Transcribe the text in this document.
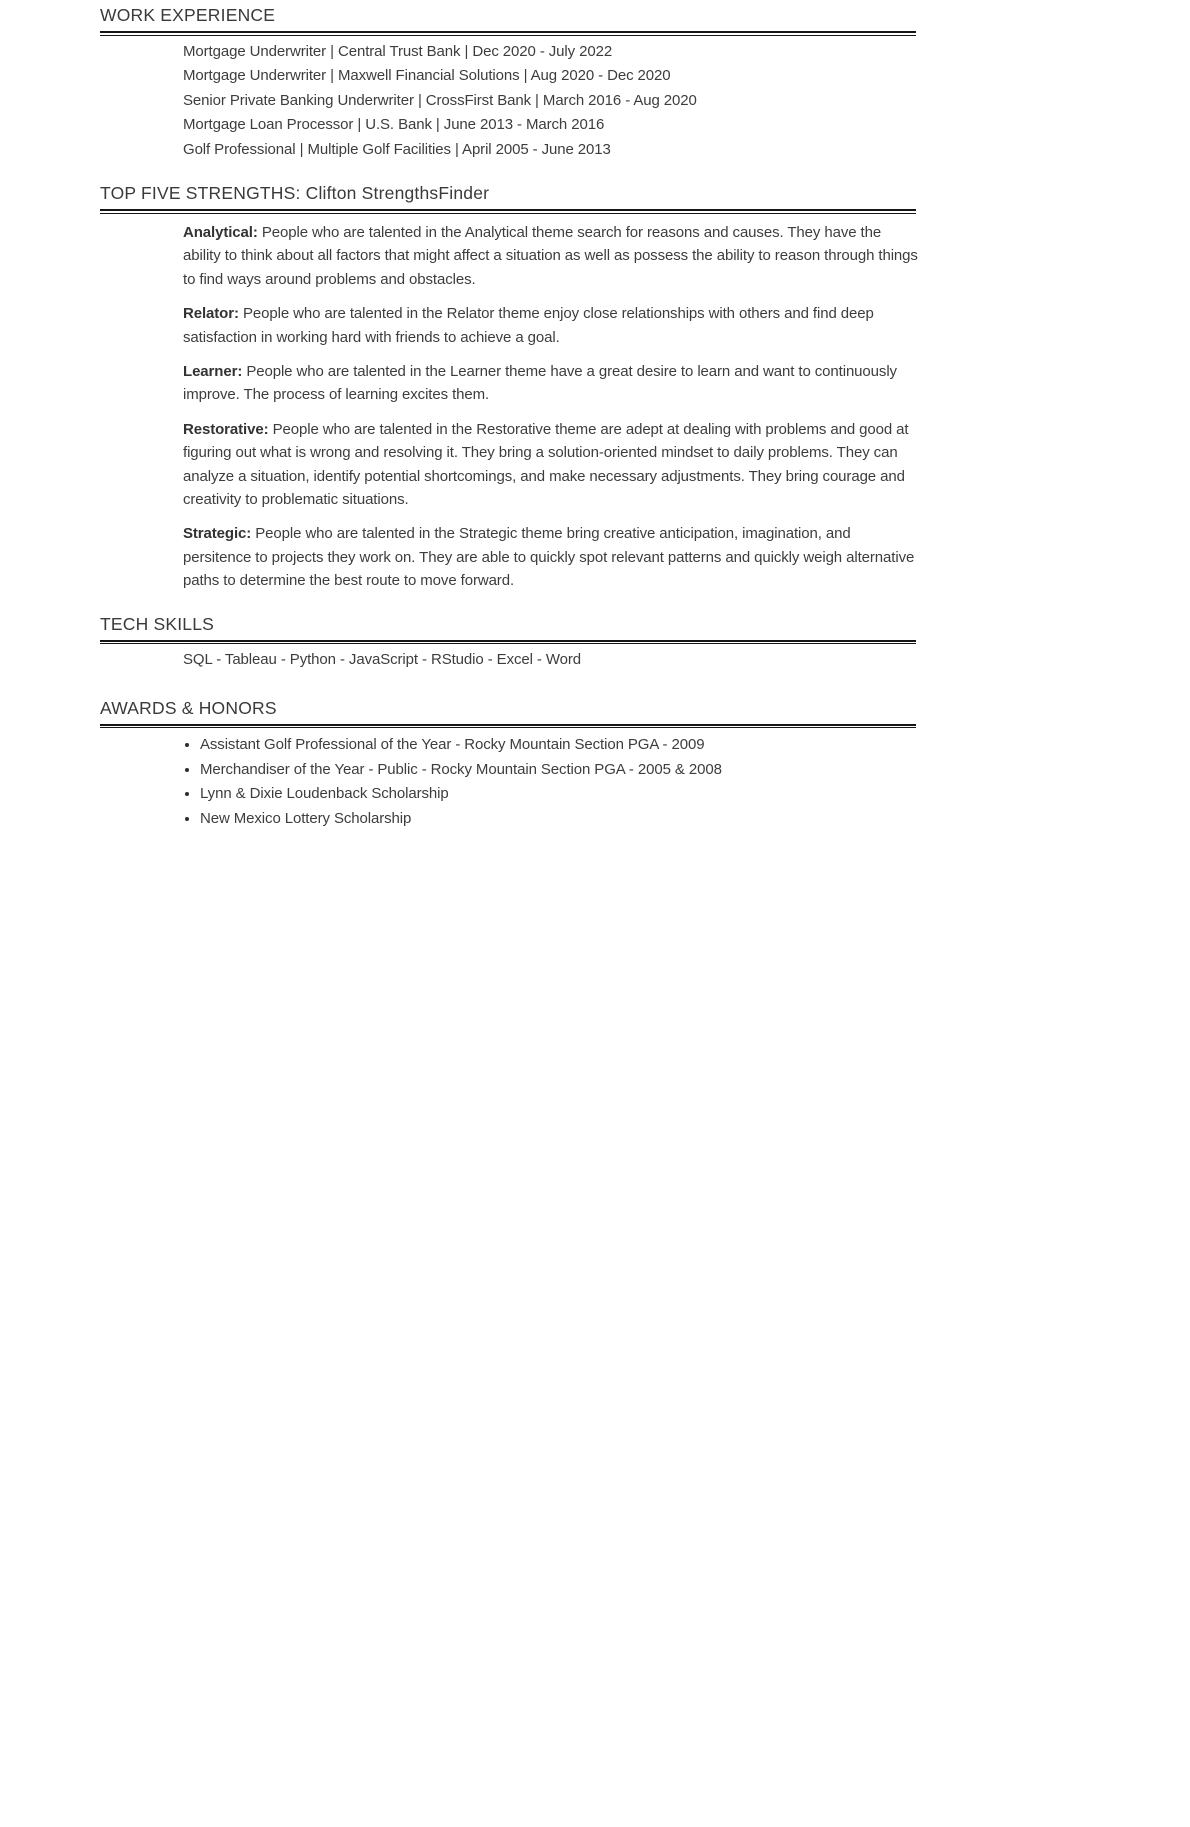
WORK EXPERIENCE

Mortgage Underwriter | Central Trust Bank | Dec 2020 - July 2022

Mortgage Underwriter | Maxwell Financial Solutions | Aug 2020 - Dec 2020

Senior Private Banking Underwriter | CrossFirst Bank | March 2016 - Aug 2020

Mortgage Loan Processor | U.S. Bank | June 2013 - March 2016

Golf Professional | Multiple Golf Facilities | April 2005 - June 2013

TOP FIVE STRENGTHS: Clifton StrengthsFinder

Analytical: People who are talented in the Analytical theme search for reasons and causes. They have the ability to think about all factors that might affect a situation as well as possess the ability to reason through things to find ways around problems and obstacles.

Relator: People who are talented in the Relator theme enjoy close relationships with others and find deep satisfaction in working hard with friends to achieve a goal.

Learner: People who are talented in the Learner theme have a great desire to learn and want to continuously improve. The process of learning excites them.

Restorative: People who are talented in the Restorative theme are adept at dealing with problems and good at figuring out what is wrong and resolving it. They bring a solution-oriented mindset to daily problems. They can analyze a situation, identify potential shortcomings, and make necessary adjustments. They bring courage and creativity to problematic situations.

Strategic: People who are talented in the Strategic theme bring creative anticipation, imagination, and persitence to projects they work on. They are able to quickly spot relevant patterns and quickly weigh alternative paths to determine the best route to move forward.

TECH SKILLS

SQL - Tableau - Python - JavaScript - RStudio - Excel - Word

AWARDS & HONORS
• Assistant Golf Professional of the Year - Rocky Mountain Section PGA - 2009
• Merchandiser of the Year - Public - Rocky Mountain Section PGA - 2005 & 2008
• Lynn & Dixie Loudenback Scholarship
• New Mexico Lottery Scholarship
